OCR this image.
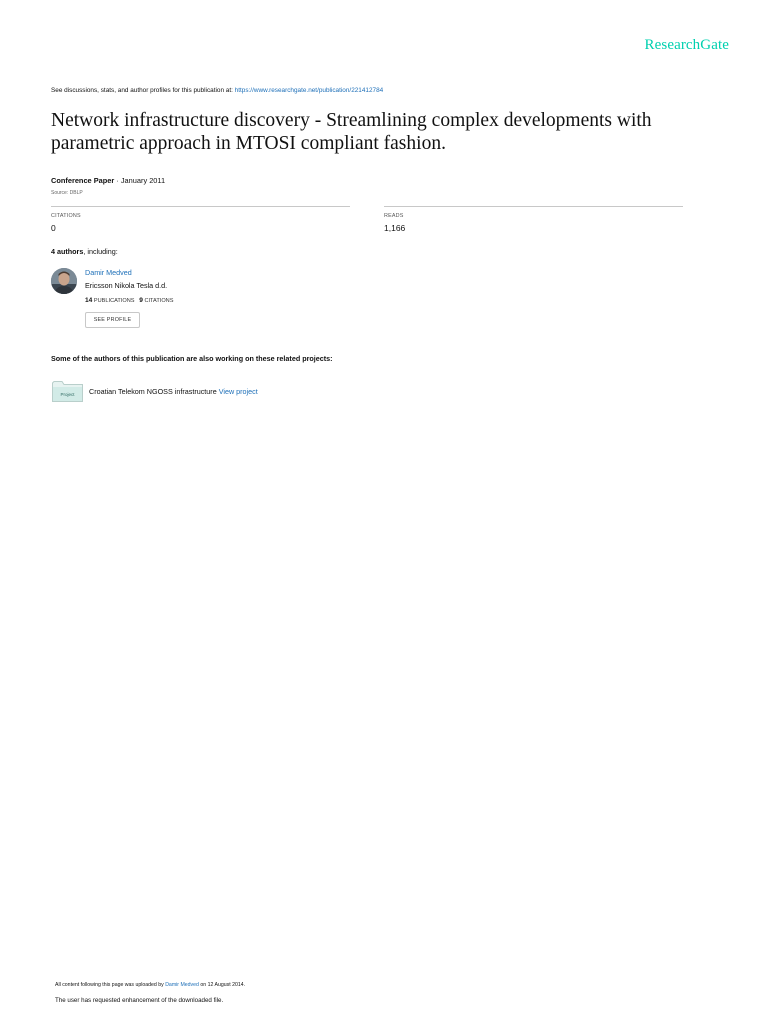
ResearchGate
See discussions, stats, and author profiles for this publication at: https://www.researchgate.net/publication/221412784
Network infrastructure discovery - Streamlining complex developments with parametric approach in MTOSI compliant fashion.
Conference Paper · January 2011
Source: DBLP
CITATIONS
0
READS
1,166
4 authors, including:
Damir Medved
Ericsson Nikola Tesla d.d.
14 PUBLICATIONS 9 CITATIONS
SEE PROFILE
Some of the authors of this publication are also working on these related projects:
Project Croatian Telekom NGOSS infrastructure View project
All content following this page was uploaded by Damir Medved on 12 August 2014.
The user has requested enhancement of the downloaded file.
